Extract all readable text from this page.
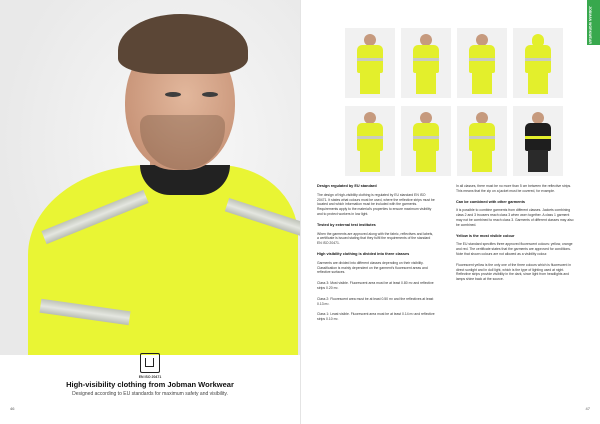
EN ISO 20471
High-visibility clothing from Jobman Workwear
Designed according to EU standards for maximum safety and visibility.
46
JOBMAN WORKWEAR
Design regulated by EU standard
The design of high-visibility clothing is regulated by EU standard EN ISO 20471. It states what colours must be used, where the reflective strips must be located and which information must be included with the garments. Requirements apply to the material's properties to ensure maximum visibility and to protect workers in low light.
Tested by external test institutes
When the garments are approved along with the fabric, reflectives and labels, a certificate is issued stating that they fulfil the requirements of the standard EN ISO 20471.
High visibility clothing is divided into three classes
Garments are divided into different classes depending on their visibility. Classification is mainly dependent on the garment's fluorescent areas and reflective surfaces.
Class 3: Most visible. Fluorescent area must be at least 0.80 m² and reflective strips 0.20 m².
Class 2: Fluorescent area must be at least 0.50 m² and the reflectives at least 0.13 m².
Class 1: Least visible. Fluorescent area must be at least 0.14 m² and reflective strips 0.10 m².
In all classes, there must be no more than 5 cm between the reflective strips. This means that the zip on a jacket must be covered, for example.
Can be combined with other garments
It is possible to combine garments from different classes. Jackets combining class 2 and 3 trousers reach class 3 when worn together. A class 1 garment may not be combined to reach class 3. Garments of different classes may also be combined.
Yellow is the most visible colour
The EU standard specifies three approved fluorescent colours: yellow, orange and red. The certificate states that the garments are approved for conditions. Note that shown colours are not allowed as a visibility colour.
Fluorescent yellow is the only one of the three colours which is fluorescent in direct sunlight and in dull light, which is the type of lighting used at night. Reflective strips provide visibility in the dark, since light from headlights and lamps shine back at the source.
47
